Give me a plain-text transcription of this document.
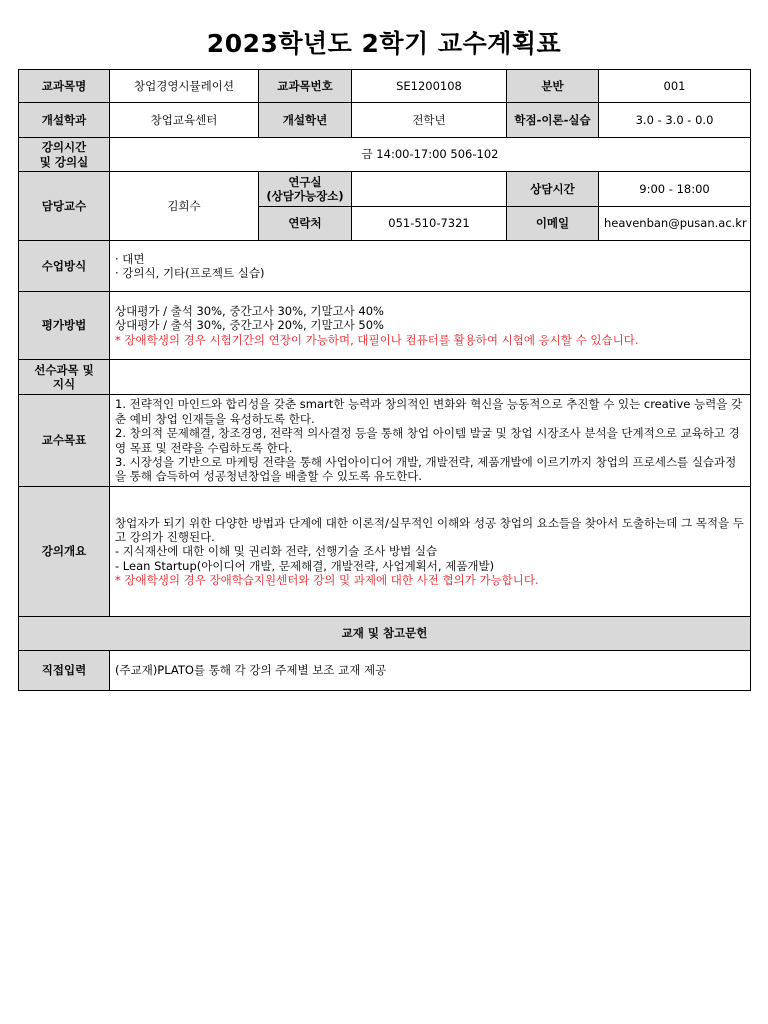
2023학년도 2학기 교수계획표
교과목명	창업경영시뮬레이션	교과목번호	SE1200108	분반	001
개설학과	창업교육센터	개설학년	전학년	학점-이론-실습	3.0 - 3.0 - 0.0

강의시간
및 강의실	금 14:00-17:00 506-102				
담당교수	김희수	연구실
(상담가능장소)		상담시간	9:00 - 18:00
		연락처	051-510-7321	이메일	heavenban@pusan.ac.kr
수업방식	· 대면
· 강의식, 기타(프로젝트 실습)				

평가방법	상대평가 / 출석 30%, 중간고사 30%, 기말고사 40%
상대평가 / 출석 30%, 중간고사 20%, 기말고사 50%
* 장애학생의 경우 시험기간의 연장이 가능하며, 대필이나 컴퓨터를 활용하여 시험에 응시할 수 있습니다.				

선수과목 및
지식					

교수목표	1. 전략적인 마인드와 합리성을 갖춘 smart한 능력과 창의적인 변화와 혁신을 능동적으로 추진할 수 있는 creative 능력을 갖춘 예비 창업 인재들을 육성하도록 한다.
2. 창의적 문제해결, 창조경영, 전략적 의사결정 등을 통해 창업 아이템 발굴 및 창업 시장조사 분석을 단계적으로 교육하고 경영 목표 및 전략을 수립하도록 한다.
3. 시장성을 기반으로 마케팅 전략을 통해 사업아이디어 개발, 개발전략, 제품개발에 이르기까지 창업의 프로세스를 실습과정을 통해 습득하여 성공청년창업을 배출할 수 있도록 유도한다.				

강의개요	창업자가 되기 위한 다양한 방법과 단계에 대한 이론적/실무적인 이해와 성공 창업의 요소들을 찾아서 도출하는데 그 목적을 두고 강의가 진행된다.
- 지식재산에 대한 이해 및 권리화 전략, 선행기술 조사 방법 실습
- Lean Startup(아이디어 개발, 문제해결, 개발전략, 사업계획서, 제품개발)
* 장애학생의 경우 장애학습지원센터와 강의 및 과제에 대한 사전 협의가 가능합니다.				

교재 및 참고문헌					
직접입력	(주교재)PLATO를 통해 각 강의 주제별 보조 교재 제공				
